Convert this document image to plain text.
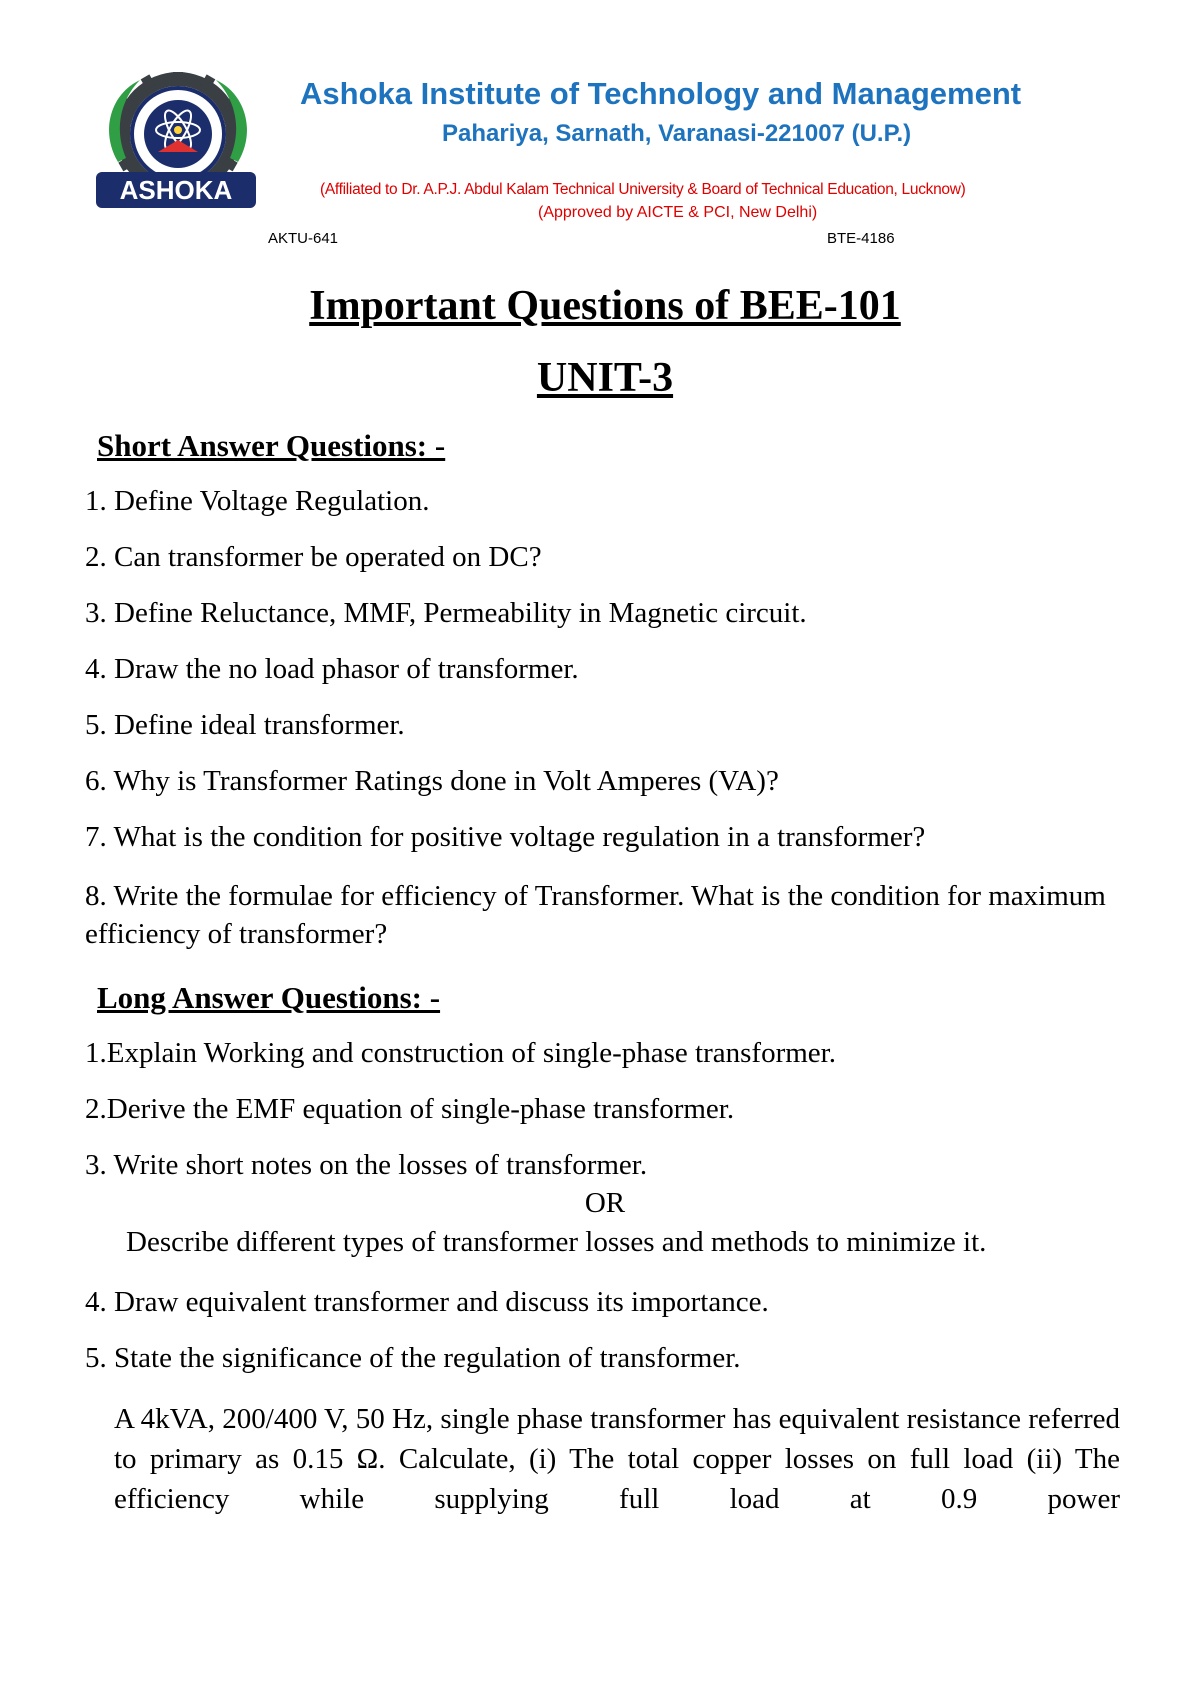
ASHOKA
Ashoka Institute of Technology and Management
Pahariya, Sarnath, Varanasi-221007 (U.P.)
(Affiliated to Dr. A.P.J. Abdul Kalam Technical University & Board of Technical Education, Lucknow)
(Approved by AICTE & PCI, New Delhi)
AKTU-641	BTE-4186
Important Questions of BEE-101
UNIT-3
Short Answer Questions: -
1. Define Voltage Regulation.
2. Can transformer be operated on DC?
3. Define Reluctance, MMF, Permeability in Magnetic circuit.
4. Draw the no load phasor of transformer.
5. Define ideal transformer.
6. Why is Transformer Ratings done in Volt Amperes (VA)?
7. What is the condition for positive voltage regulation in a transformer?
8. Write the formulae for efficiency of Transformer. What is the condition for maximum efficiency of transformer?
Long Answer Questions: -
1.Explain Working and construction of single-phase transformer.
2.Derive the EMF equation of single-phase transformer.
3. Write short notes on the losses of transformer.
OR
Describe different types of transformer losses and methods to minimize it.
4. Draw equivalent transformer and discuss its importance.
5. State the significance of the regulation of transformer.
A 4kVA, 200/400 V, 50 Hz, single phase transformer has equivalent resistance referred to primary as 0.15 Ω. Calculate, (i) The total copper losses on full load (ii) The efficiency while supplying full load at 0.9 power
